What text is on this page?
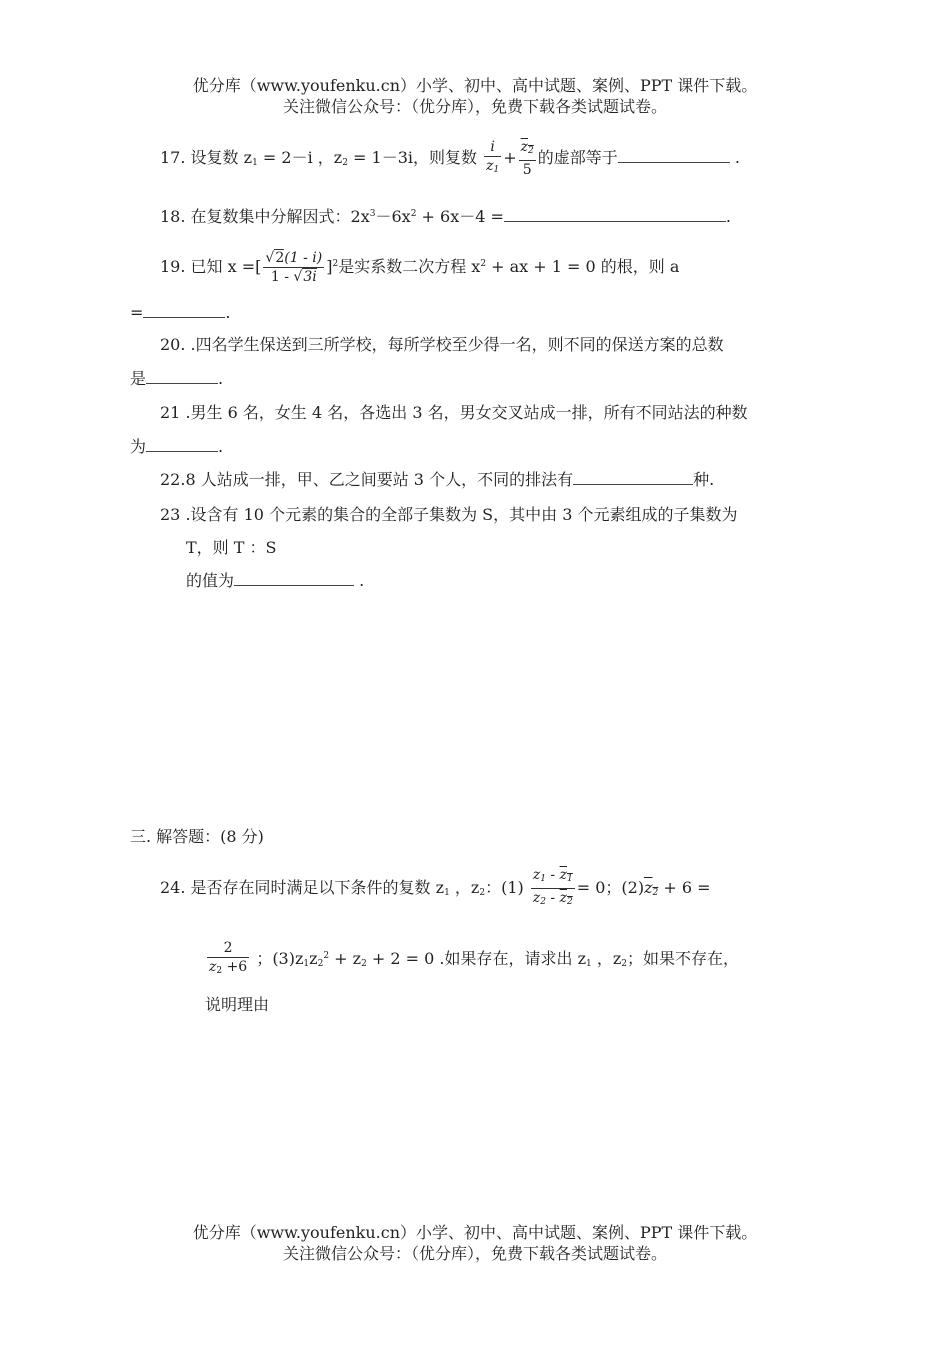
优分库（www.youfenku.cn）小学、初中、高中试题、案例、PPT 课件下载。
关注微信公众号：（优分库），免费下载各类试题试卷。
17. 设复数 $z_1 = 2-i$ ，$z_2 = 1-3i$，则复数 $\frac{i}{z_1} + \frac{z_2}{5}$ 的虚部等于	.
18. 在复数集中分解因式：$2x^3-6x^2 + 6x-4$ =	.
19. 已知 x =[ $\frac{√2(1 - i)}{1 - √3i} ]^2$是实系数二次方程 $x^2$ + ax + 1 = 0 的根，则 a
=	.
20. .四名学生保送到三所学校，每所学校至少得一名，则不同的保送方案的总数
是	.
21 .男生 6 名，女生 4 名，各选出 3 名，男女交叉站成一排，所有不同站法的种数
为	.
22.8 人站成一排，甲、乙之间要站 3 个人，不同的排法有	种.
23 .设含有 10 个元素的集合的全部子集数为 S，其中由 3 个元素组成的子集数为
T，则 T ：S
的值为	.
三. 解答题：(8 分)
24. 是否存在同时满足以下条件的复数 $z_1$ ，$z_2$：$(1) \frac{z_1 - z_1}{z_2 - z_2} = 0$；$(2)z_2 + 6$ =
$\frac{2}{z_2 +6}$ ；$(3)z_1z_2^2 + z_2 + 2 = 0$ .如果存在，请求出 $z_1$ ，$z_2$；如果不存在，
说明理由
优分库（www.youfenku.cn）小学、初中、高中试题、案例、PPT 课件下载。
关注微信公众号：（优分库），免费下载各类试题试卷。
